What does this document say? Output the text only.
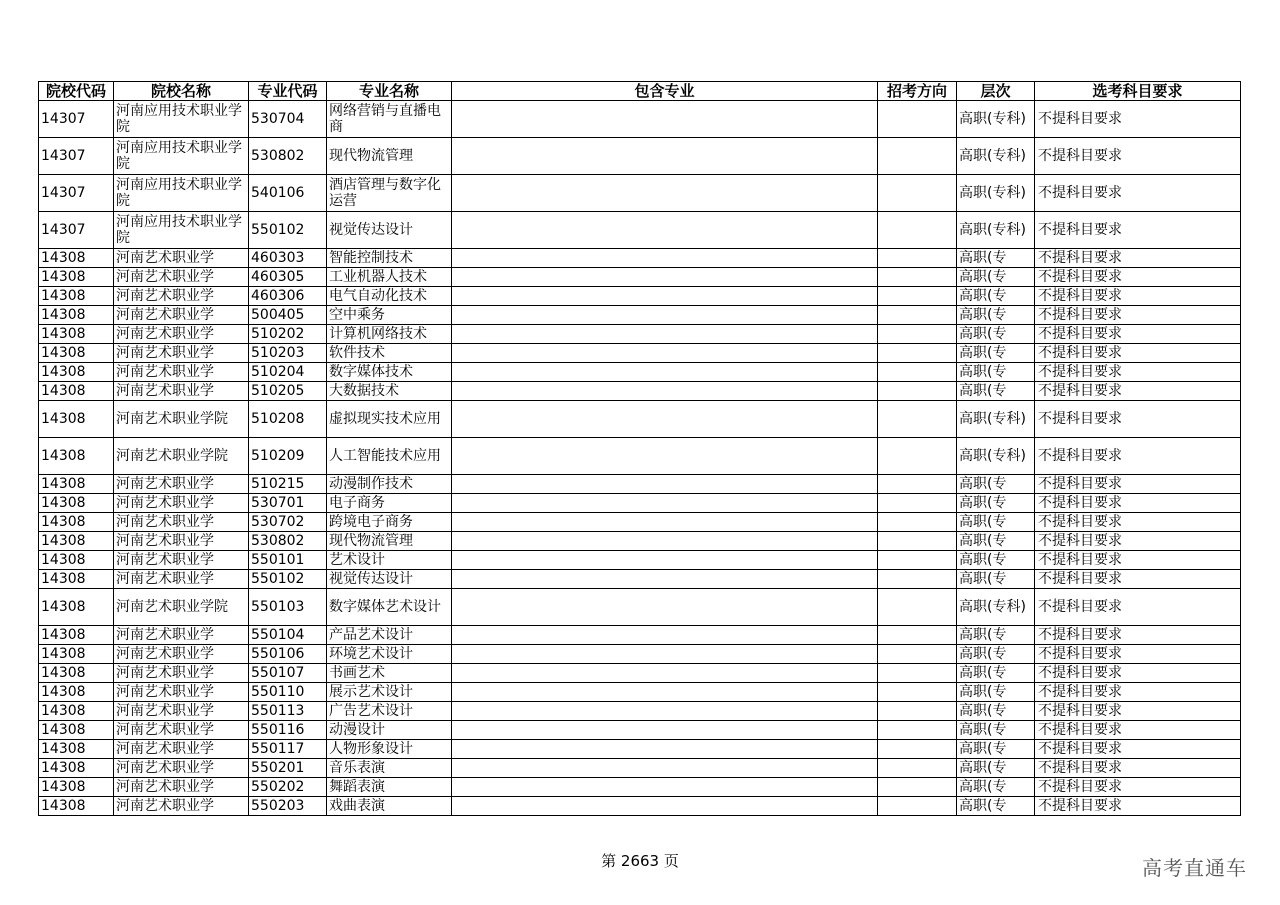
院校代码	院校名称	专业代码	专业名称	包含专业	招考方向	层次	选考科目要求
14307	河南应用技术职业学院	530704	网络营销与直播电商			高职(专科)	不提科目要求
14307	河南应用技术职业学院	530802	现代物流管理			高职(专科)	不提科目要求
14307	河南应用技术职业学院	540106	酒店管理与数字化运营			高职(专科)	不提科目要求
14307	河南应用技术职业学院	550102	视觉传达设计			高职(专科)	不提科目要求
14308	河南艺术职业学	460303	智能控制技术			高职(专	不提科目要求
14308	河南艺术职业学	460305	工业机器人技术			高职(专	不提科目要求
14308	河南艺术职业学	460306	电气自动化技术			高职(专	不提科目要求
14308	河南艺术职业学	500405	空中乘务			高职(专	不提科目要求
14308	河南艺术职业学	510202	计算机网络技术			高职(专	不提科目要求
14308	河南艺术职业学	510203	软件技术			高职(专	不提科目要求
14308	河南艺术职业学	510204	数字媒体技术			高职(专	不提科目要求
14308	河南艺术职业学	510205	大数据技术			高职(专	不提科目要求
14308	河南艺术职业学院	510208	虚拟现实技术应用			高职(专科)	不提科目要求
14308	河南艺术职业学院	510209	人工智能技术应用			高职(专科)	不提科目要求
14308	河南艺术职业学	510215	动漫制作技术			高职(专	不提科目要求
14308	河南艺术职业学	530701	电子商务			高职(专	不提科目要求
14308	河南艺术职业学	530702	跨境电子商务			高职(专	不提科目要求
14308	河南艺术职业学	530802	现代物流管理			高职(专	不提科目要求
14308	河南艺术职业学	550101	艺术设计			高职(专	不提科目要求
14308	河南艺术职业学	550102	视觉传达设计			高职(专	不提科目要求
14308	河南艺术职业学院	550103	数字媒体艺术设计			高职(专科)	不提科目要求
14308	河南艺术职业学	550104	产品艺术设计			高职(专	不提科目要求
14308	河南艺术职业学	550106	环境艺术设计			高职(专	不提科目要求
14308	河南艺术职业学	550107	书画艺术			高职(专	不提科目要求
14308	河南艺术职业学	550110	展示艺术设计			高职(专	不提科目要求
14308	河南艺术职业学	550113	广告艺术设计			高职(专	不提科目要求
14308	河南艺术职业学	550116	动漫设计			高职(专	不提科目要求
14308	河南艺术职业学	550117	人物形象设计			高职(专	不提科目要求
14308	河南艺术职业学	550201	音乐表演			高职(专	不提科目要求
14308	河南艺术职业学	550202	舞蹈表演			高职(专	不提科目要求
14308	河南艺术职业学	550203	戏曲表演			高职(专	不提科目要求
第 2663 页	高考直通车
